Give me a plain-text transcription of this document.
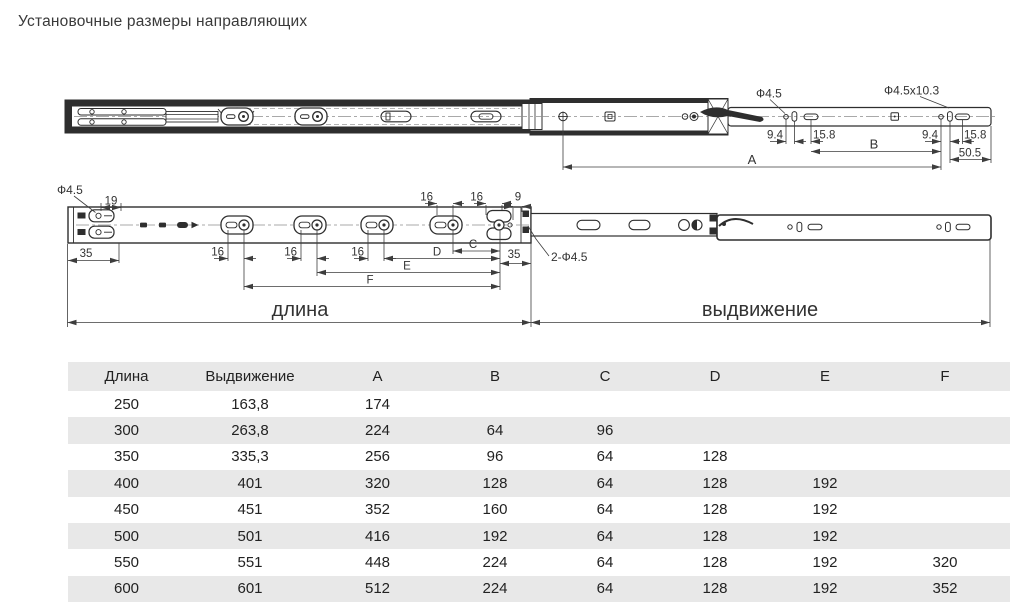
Установочные размеры направляющих
9.4	15.8	9.4 15.8
B
50.5
A
Ф4.5	Ф4.5x10.3
Ф4.5
19	16	16	9
35	16	16	16
C
D	35	2-Ф4.5
E
F
длина	выдвижение
Длина	Выдвижение	A	B	C	D	E	F
250	163,8	174					
300	263,8	224	64	96			
350	335,3	256	96	64	128		
400	401	320	128	64	128	192	
450	451	352	160	64	128	192	
500	501	416	192	64	128	192	
550	551	448	224	64	128	192	320
600	601	512	224	64	128	192	352
